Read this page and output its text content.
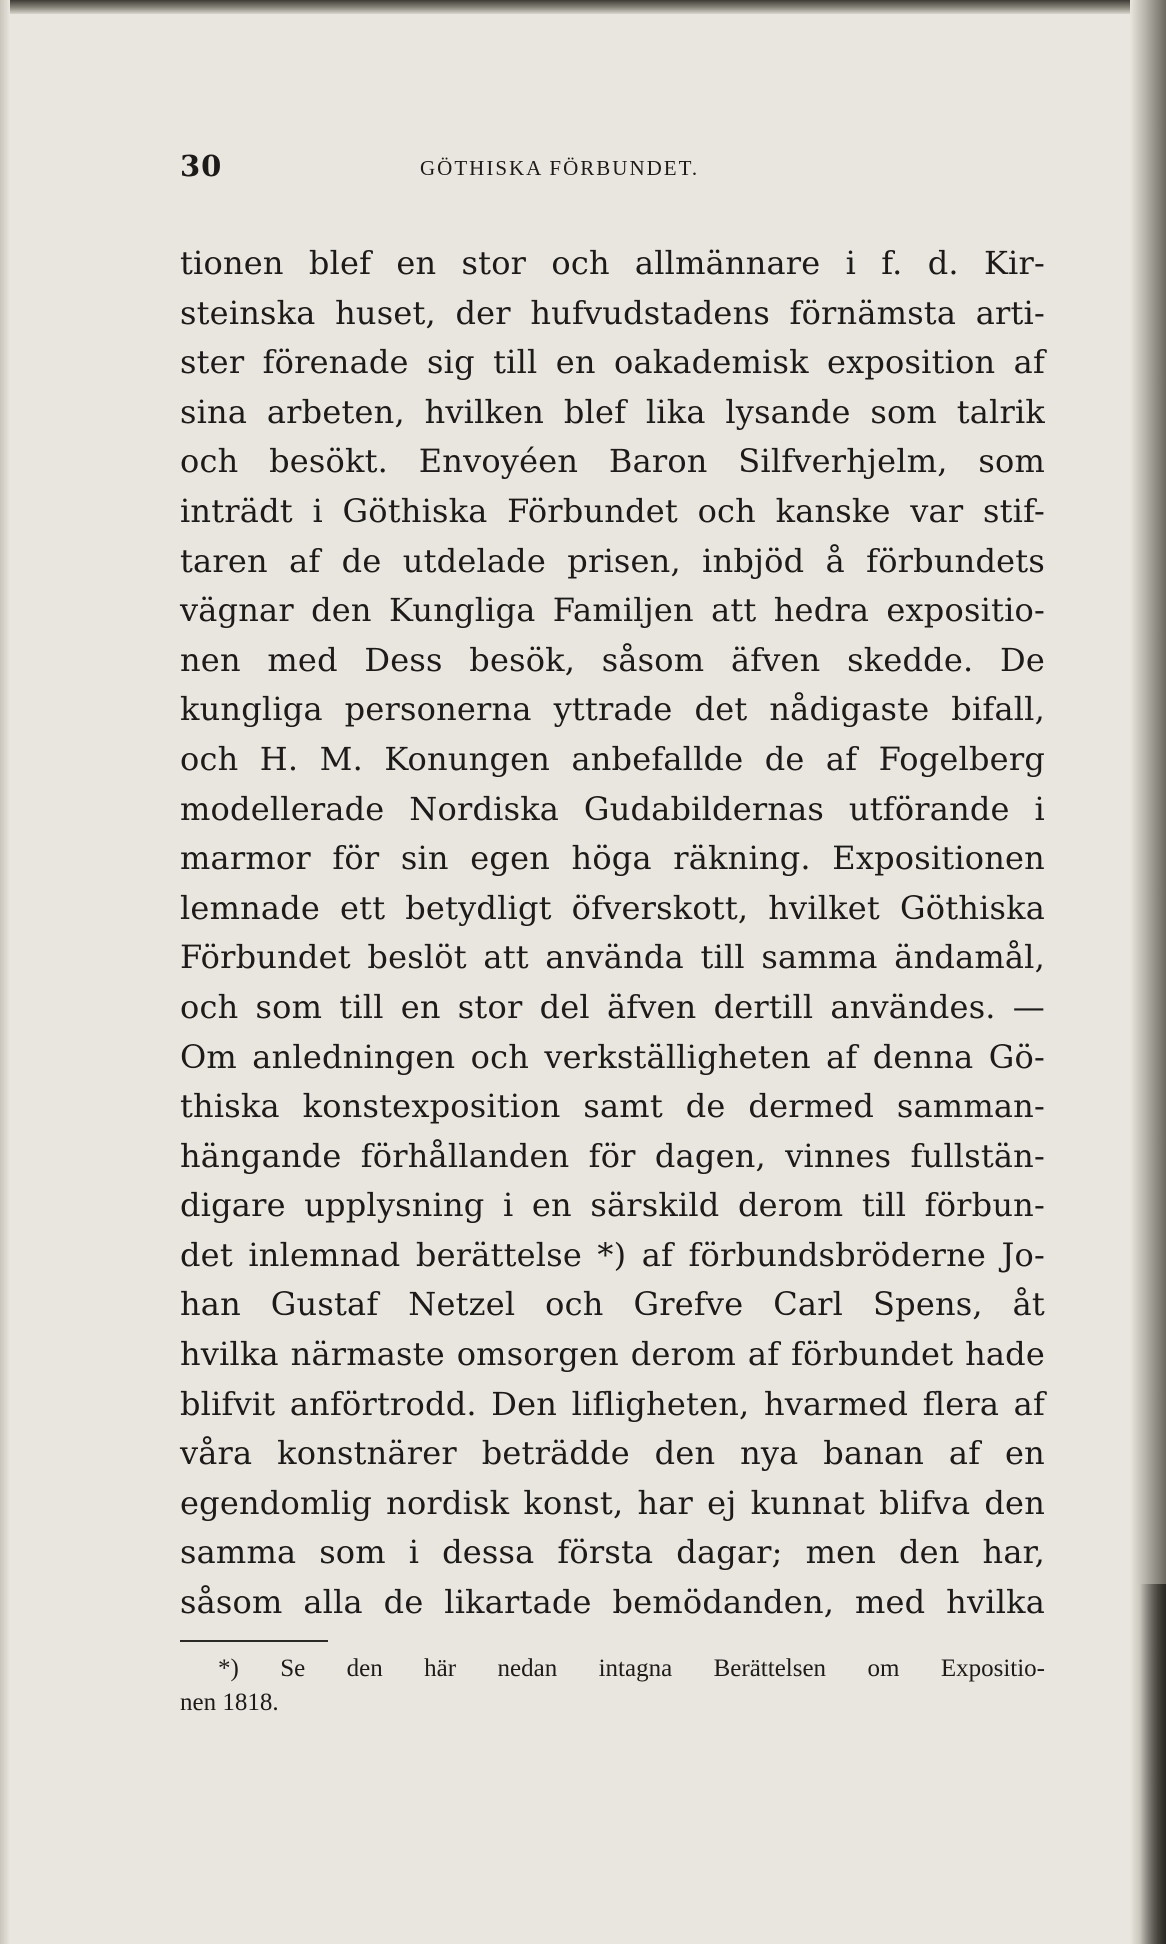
30	GÖTHISKA FÖRBUNDET.
tionen blef en stor och allmännare i f. d. Kir-
steinska huset, der hufvudstadens förnämsta arti-
ster förenade sig till en oakademisk exposition af
sina arbeten, hvilken blef lika lysande som talrik
och besökt. Envoyéen Baron Silfverhjelm, som
inträdt i Göthiska Förbundet och kanske var stif-
taren af de utdelade prisen, inbjöd å förbundets
vägnar den Kungliga Familjen att hedra expositio-
nen med Dess besök, såsom äfven skedde. De
kungliga personerna yttrade det nådigaste bifall,
och H. M. Konungen anbefallde de af Fogelberg
modellerade Nordiska Gudabildernas utförande i
marmor för sin egen höga räkning. Expositionen
lemnade ett betydligt öfverskott, hvilket Göthiska
Förbundet beslöt att använda till samma ändamål,
och som till en stor del äfven dertill användes. —
Om anledningen och verkställigheten af denna Gö-
thiska konstexposition samt de dermed samman-
hängande förhållanden för dagen, vinnes fullstän-
digare upplysning i en särskild derom till förbun-
det inlemnad berättelse *) af förbundsbröderne Jo-
han Gustaf Netzel och Grefve Carl Spens, åt
hvilka närmaste omsorgen derom af förbundet hade
blifvit anförtrodd. Den lifligheten, hvarmed flera af
våra konstnärer beträdde den nya banan af en
egendomlig nordisk konst, har ej kunnat blifva den
samma som i dessa första dagar; men den har,
såsom alla de likartade bemödanden, med hvilka
*) Se den här nedan intagna Berättelsen om Expositio-
nen 1818.
